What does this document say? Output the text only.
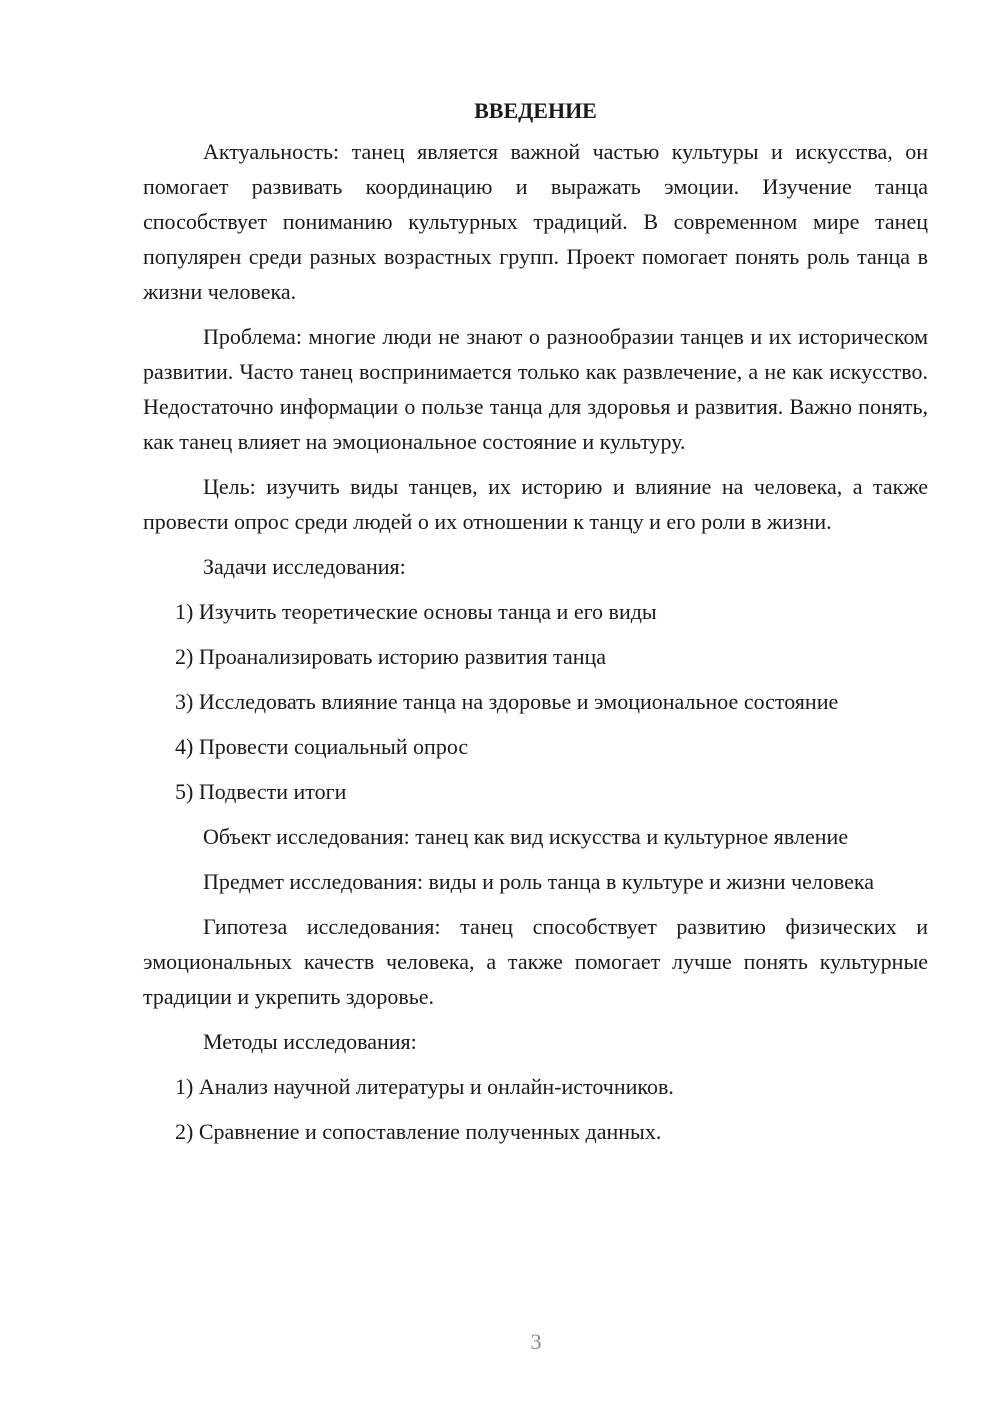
ВВЕДЕНИЕ

Актуальность: танец является важной частью культуры и искусства, он помогает развивать координацию и выражать эмоции. Изучение танца способствует пониманию культурных традиций. В современном мире танец популярен среди разных возрастных групп. Проект помогает понять роль танца в жизни человека.

Проблема: многие люди не знают о разнообразии танцев и их историческом развитии. Часто танец воспринимается только как развлечение, а не как искусство. Недостаточно информации о пользе танца для здоровья и развития. Важно понять, как танец влияет на эмоциональное состояние и культуру.

Цель: изучить виды танцев, их историю и влияние на человека, а также провести опрос среди людей о их отношении к танцу и его роли в жизни.

Задачи исследования:

1) Изучить теоретические основы танца и его виды
2) Проанализировать историю развития танца
3) Исследовать влияние танца на здоровье и эмоциональное состояние
4) Провести социальный опрос
5) Подвести итоги

Объект исследования: танец как вид искусства и культурное явление

Предмет исследования: виды и роль танца в культуре и жизни человека

Гипотеза исследования: танец способствует развитию физических и эмоциональных качеств человека, а также помогает лучше понять культурные традиции и укрепить здоровье.

Методы исследования:

1) Анализ научной литературы и онлайн-источников.
2) Сравнение и сопоставление полученных данных.
3
